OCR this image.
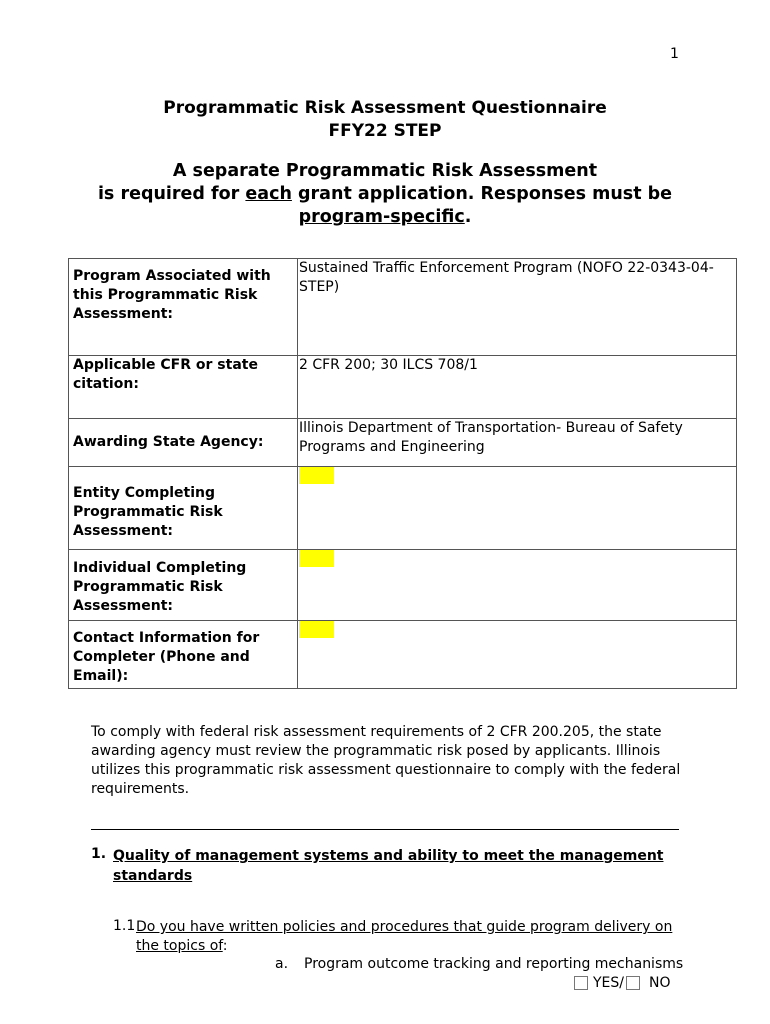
1
Programmatic Risk Assessment Questionnaire
FFY22 STEP
A separate Programmatic Risk Assessment
is required for each grant application. Responses must be
program-specific.
Program Associated with this Programmatic Risk Assessment:	Sustained Traffic Enforcement Program (NOFO 22-0343-04-STEP)

Applicable CFR or state citation:	2 CFR 200; 30 ILCS 708/1

Awarding State Agency:	Illinois Department of Transportation- Bureau of Safety Programs and Engineering

Entity Completing Programmatic Risk Assessment:	

Individual Completing Programmatic Risk Assessment:	

Contact Information for Completer (Phone and Email):	

To comply with federal risk assessment requirements of 2 CFR 200.205, the state awarding agency must review the programmatic risk posed by applicants. Illinois utilizes this programmatic risk assessment questionnaire to comply with the federal requirements.
1. Quality of management systems and ability to meet the management standards
1.1 Do you have written policies and procedures that guide program delivery on the topics of:
a. Program outcome tracking and reporting mechanisms
YES/ NO
